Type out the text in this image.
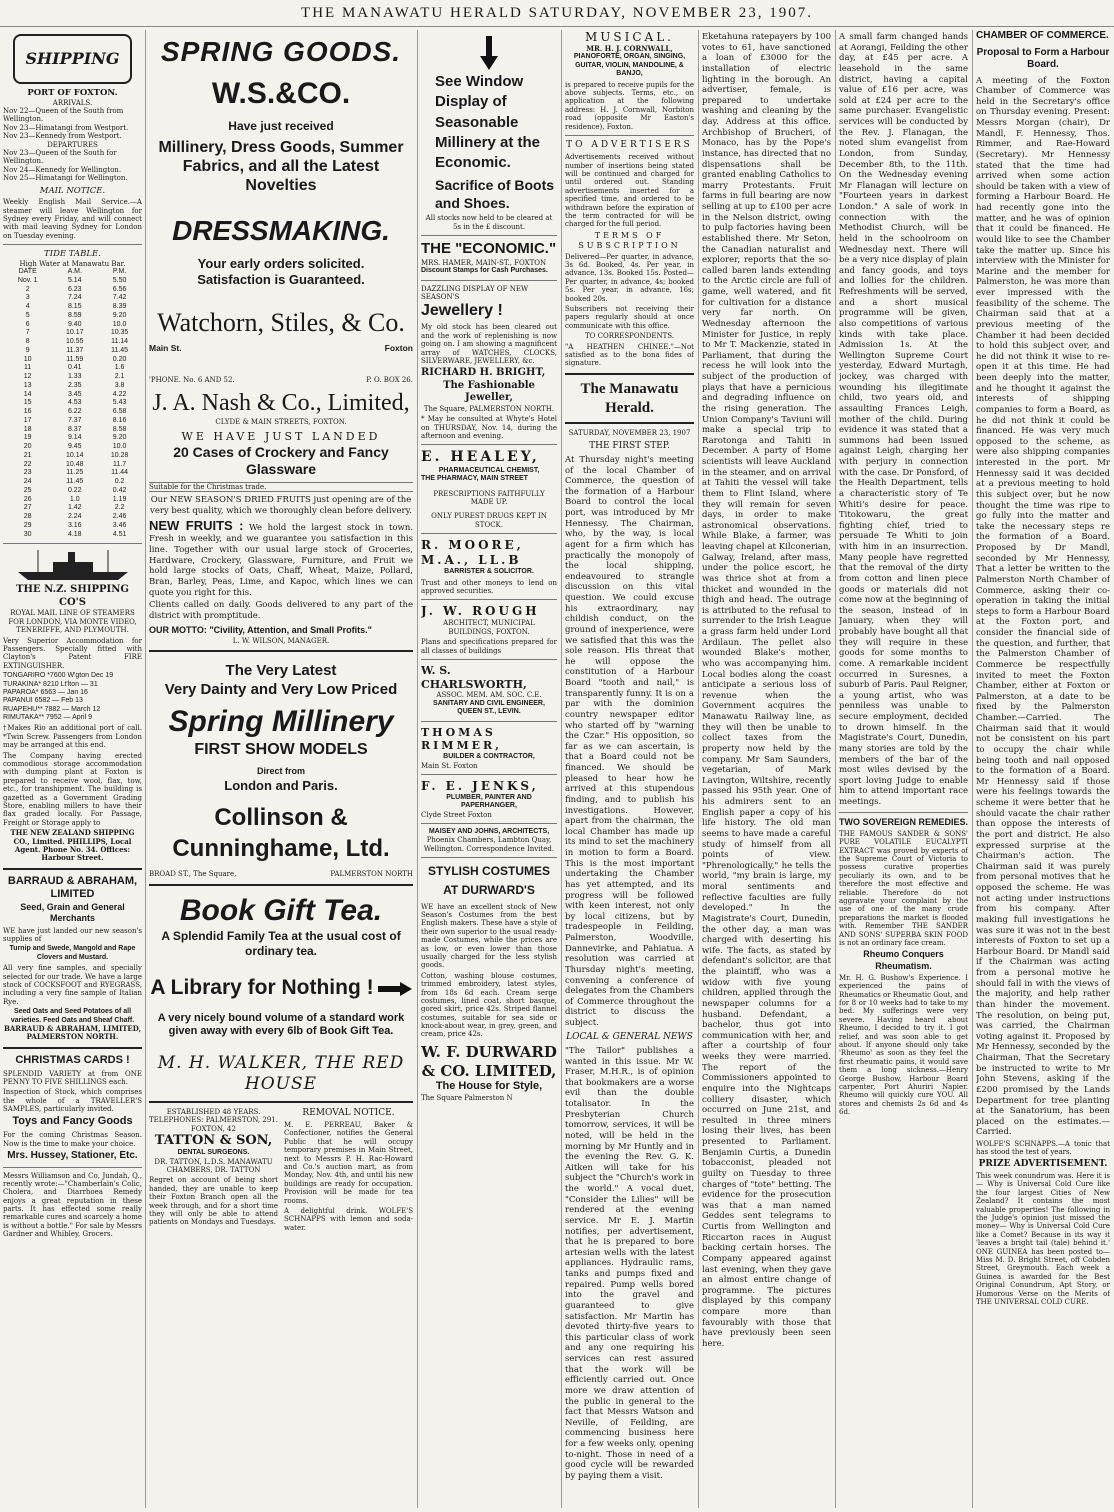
THE MANAWATU HERALD SATURDAY, NOVEMBER 23, 1907.
SHIPPING
PORT OF FOXTON.
ARRIVALS.
Nov 22—Queen of the South from Wellington.
Nov 23—Himatangi from Westport.
Nov 23—Kennedy from Westport.
DEPARTURES
Nov 23—Queen of the South for Wellington.
Nov 24—Kennedy for Wellington.
Nov 25—Himatangi for Wellington.
MAIL NOTICE.

Weekly English Mail Service.—A steamer will leave Wellington for Sydney every Friday, and will connect with mail leaving Sydney for London on Tuesday evening.

TIDE TABLE.
High Water at Manawatu Bar.
DATE	A.M.	P.M.
Nov. 1	5.14	5.50
2	6.23	6.56
3	7.24	7.42
4	8.15	8.39
5	8.59	9.20
6	9.40	10.0
7	10.17	10.35
8	10.55	11.14
9	11.37	11.45
10	11.59	0.20
11	0.41	1.6
12	1.33	2.1
13	2.35	3.8
14	3.45	4.22
15	4.53	5.43
16	6.22	6.58
17	7.37	8.16
18	8.37	8.58
19	9.14	9.20
20	9.45	10.0
21	10.14	10.28
22	10.48	11.7
23	11.25	11.44
24	11.45	0.2
25	0.22	0.42
26	1.0	1.19
27	1.42	2.2
28	2.24	2.46
29	3.16	3.46
30	4.18	4.51
THE N.Z. SHIPPING CO'S
ROYAL MAIL LINE OF STEAMERS FOR LONDON, VIA MONTE VIDEO, TENERIFFE, AND PLYMOUTH.

Very Superior Accommodation for Passengers. Specially fitted with Clayton's Patent FIRE EXTINGUISHER.

TONGARIRO *7600 W'gton Dec 19
TURAKINA* 8210 Lt'lton — 31
PAPAROA* 6563 — Jan 16
PAPANUI 6582 — Feb 13
RUAPEHU** 7882 — March 12
RIMUTAKA** 7952 — April 9

†Makes Rio an additional port of call. *Twin Screw. Passengers from London may be arranged at this end.

The Company having erected commodious storage accommodation with dumping plant at Foxton is prepared to receive wool, flax, tow, etc., for transhipment. The building is gazetted as a Government Grading Store, enabling millers to have their flax graded locally. For Passage, Freight or Storage apply to

THE NEW ZEALAND SHIPPING CO., Limited. PHILLIPS, Local Agent. Phone No. 34. Offices: Harbour Street.
BARRAUD & ABRAHAM, LIMITED
Seed, Grain and General Merchants

WE have just landed our new season's supplies of

Turnip and Swede, Mangold and Rape Clovers and Mustard.

All very fine samples, and specially selected for our trade. We have a large stock of COCKSFOOT and RYEGRASS, including a very fine sample of Italian Rye.

Seed Oats and Seed Potatoes of all varieties. Feed Oats and Sheaf Chaff.
BARRAUD & ABRAHAM, LIMITED, PALMERSTON NORTH.
CHRISTMAS CARDS !

SPLENDID VARIETY at from ONE PENNY TO FIVE SHILLINGS each.

Inspection of Stock, which comprises the whole of a TRAVELLER'S SAMPLES, particularly invited.

Toys and Fancy Goods

For the coming Christmas Season. Now is the time to make your choice.

Mrs. Hussey, Stationer, Etc.

Messrs Williamson and Co, Jundah, Q., recently wrote:—"Chamberlain's Colic, Cholera, and Diarrhoea Remedy enjoys a great reputation in these parts. It has effected some really remarkable cures and scarcely a home is without a bottle." For sale by Messrs Gardner and Whibley, Grocers.

SPRING GOODS.
W.S.&CO.
Have just received
Millinery, Dress Goods, Summer Fabrics, and all the Latest Novelties
DRESSMAKING.
Your early orders solicited.
Satisfaction is Guaranteed.
Watchorn, Stiles, & Co.
Main St.	Foxton
'PHONE. No. 6 AND 52.	P. O. BOX 26.
J. A. Nash & Co., Limited,
CLYDE & MAIN STREETS, FOXTON.
WE HAVE JUST LANDED
20 Cases of Crockery and Fancy Glassware
Suitable for the Christmas trade.

Our NEW SEASON'S DRIED FRUITS just opening are of the very best quality, which we thoroughly clean before delivery.

NEW FRUITS : We hold the largest stock in town. Fresh in weekly, and we guarantee you satisfaction in this line. Together with our usual large stock of Groceries, Hardware, Crockery, Glassware, Furniture, and Fruit we hold large stocks of Oats, Chaff, Wheat, Maize, Pollard, Bran, Barley, Peas, Lime, and Kapoc, which lines we can quote you right for this.

Clients called on daily. Goods delivered to any part of the district with promptitude.

OUR MOTTO: "Civility, Attention, and Small Profits."
L. W. WILSON, MANAGER.
The Very Latest
Very Dainty and Very Low Priced
Spring Millinery
FIRST SHOW MODELS
Direct from
London and Paris.
Collinson & Cunninghame, Ltd.
BROAD ST., The Square,	PALMERSTON NORTH
Book Gift Tea.
A Splendid Family Tea at the usual cost of ordinary tea.
A Library for Nothing !
A very nicely bound volume of a standard work given away with every 6lb of Book Gift Tea.
M. H. WALKER, THE RED HOUSE
ESTABLISHED 48 YEARS.
TELEPHONES: PALMERSTON, 291. FOXTON, 42
TATTON & SON,
DENTAL SURGEONS.
DR. TATTON, L.D.S. MANAWATU CHAMBERS, DR. TATTON

Regret on account of being short handed, they are unable to keep their Foxton Branch open all the week through, and for a short time they will only be able to attend patients on Mondays and Tuesdays.

REMOVAL NOTICE.

M. E. PERREAU, Baker & Confectioner, notifies the General Public that he will occupy temporary premises in Main Street, next to Messrs P. H. Rac-Howard and Co.'s auction mart, as from Monday, Nov. 4th, and until his new buildings are ready for occupation. Provision will be made for tea rooms.

A delightful drink. WOLFE'S SCHNAPPS with lemon and soda-water.

See Window Display of Seasonable Millinery at the Economic.
Sacrifice of Boots and Shoes.

All stocks now held to be cleared at 5s in the £ discount.

THE "ECONOMIC."
MRS. HAMER, MAIN-ST., FOXTON
Discount Stamps for Cash Purchases.
DAZZLING DISPLAY OF NEW SEASON'S
Jewellery !

My old stock has been cleared out and the work of replenishing is now going on. I am showing a magnificent array of WATCHES, CLOCKS, SILVERWARE, JEWELLERY, &c.

RICHARD H. BRIGHT,
The Fashionable Jeweller,
The Square, PALMERSTON NORTH.

* May be consulted at Whyte's Hotel on THURSDAY, Nov. 14, during the afternoon and evening.

E. HEALEY,
PHARMACEUTICAL CHEMIST,
THE PHARMACY, MAIN STREET
PRESCRIPTIONS FAITHFULLY MADE UP.
ONLY PUREST DRUGS KEPT IN STOCK.
R. MOORE, M.A., LL.B
BARRISTER & SOLICITOR.

Trust and other moneys to lend on approved securities.

J. W. ROUGH
ARCHITECT, MUNICIPAL BUILDINGS, FOXTON.

Plans and specifications prepared for all classes of buildings

W. S. CHARLSWORTH,
ASSOC. MEM. AM. SOC. C.E.
SANITARY AND CIVIL ENGINEER, QUEEN ST., LEVIN.
THOMAS RIMMER,
BUILDER & CONTRACTOR,
Main St. Foxton
F. E. JENKS,
PLUMBER, PAINTER AND PAPERHANGER,
Clyde Street Foxton
MAISEY AND JOHNS, ARCHITECTS,
Phoenix Chambers, Lambton Quay, Wellington. Correspondence Invited.
STYLISH COSTUMES AT DURWARD'S

WE have an excellent stock of New Season's Costumes from the best English makers. These have a style of their own superior to the usual ready-made Costumes, while the prices are as low, or even lower than those usually charged for the less stylish goods.

Cotton, washing blouse costumes, trimmed embroidery, latest styles, from 18s 6d each. Cream serge costumes, lined coat, short basque, gored skirt, price 42s. Striped flannel costumes, suitable for sea side or knock-about wear, in grey, green, and cream, price 42s.

W. F. DURWARD & CO. LIMITED,
The House for Style,
The Square Palmerston N
MUSICAL.
MR. H. J. CORNWALL,
PIANOFORTE, ORGAN, SINGING, GUITAR, VIOLIN, MANDOLINE, & BANJO,

is prepared to receive pupils for the above subjects. Terms, etc., on application at the following address: H. J. Cornwall, Norbiton road (opposite Mr Easton's residence), Foxton.

TO ADVERTISERS

Advertisements received without number of insertions being stated will be continued and charged for until ordered out. Standing advertisements inserted for a specified time, and ordered to be withdrawn before the expiration of the term contracted for will be charged for the full period.

TERMS OF SUBSCRIPTION

Delivered—Per quarter, in advance, 3s 6d. Booked, 4s. Per year, in advance, 13s. Booked 15s. Posted—Per quarter, in advance, 4s; booked 5s. Per year, in advance, 16s; booked 20s.

Subscribers not receiving their papers regularly should at once communicate with this office.

TO CORRESPONDENTS.

"A HEATHEN CHINEE."—Not satisfied as to the bona fides of signature.

The Manawatu Herald.
SATURDAY, NOVEMBER 23, 1907
THE FIRST STEP.

At Thursday night's meeting of the local Chamber of Commerce, the question of the formation of a Harbour Board to control the local port, was introduced by Mr Hennessy. The Chairman, who, by the way, is local agent for a firm which has practically the monopoly of the local shipping, endeavoured to strangle discussion on this vital question. We could excuse his extraordinary, nay childish conduct, on the ground of inexperience, were we satisfied that this was the sole reason. His threat that he will oppose the constitution of a Harbour Board "tooth and nail," is transparently funny. It is on a par with the dominion country newspaper editor who started off by "warning the Czar." His opposition, so far as we can ascertain, is that a Board could not be financed. We should be pleased to hear how he arrived at this stupendous finding, and to publish his investigations. However, apart from the chairman, the local Chamber has made up its mind to set the machinery in motion to form a Board. This is the most important undertaking the Chamber has yet attempted, and its progress will be followed with keen interest, not only by local citizens, but by tradespeople in Feilding, Palmerston, Woodville, Dannevirke, and Pahiatua. A resolution was carried at Thursday night's meeting, convening a conference of delegates from the Chambers of Commerce throughout the district to discuss the subject.

LOCAL & GENERAL NEWS

"The Tailor" publishes a wanted in this issue. Mr W. Fraser, M.H.R., is of opinion that bookmakers are a worse evil than the double totalisator. In the Presbyterian Church tomorrow, services, it will be noted, will be held in the morning by Mr Huntly and in the evening the Rev. G. K. Aitken will take for his subject the "Church's work in the world." A vocal duet, "Consider the Lilies" will be rendered at the evening service. Mr E. J. Martin notifies, per advertisement, that he is prepared to bore artesian wells with the latest appliances. Hydraulic rams, tanks and pumps fixed and repaired. Pump wells bored into the gravel and guaranteed to give satisfaction. Mr Martin has devoted thirty-five years to this particular class of work and any one requiring his services can rest assured that the work will be efficiently carried out. Once more we draw attention of the public in general to the fact that Messrs Watson and Neville, of Feilding, are commencing business here for a few weeks only, opening to-night. Those in need of a good cycle will be rewarded by paying them a visit.

Eketahuna ratepayers by 100 votes to 61, have sanctioned a loan of £3000 for the installation of electric lighting in the borough. An advertiser, female, is prepared to undertake washing and cleaning by the day. Address at this office. Archbishop of Brucheri, of Monaco, has by the Pope's instance, has directed that no dispensations shall be granted enabling Catholics to marry Protestants. Fruit farms in full bearing are now selling at up to £100 per acre in the Nelson district, owing to pulp factories having been established there. Mr Seton, the Canadian naturalist and explorer, reports that the so-called baren lands extending to the Arctic circle are full of game, well watered, and fit for cultivation for a distance very far north. On Wednesday afternoon the Minister for Justice, in reply to Mr T. Mackenzie, stated in Parliament, that during the recess he will look into the subject of the production of plays that have a pernicious and degrading influence on the rising generation. The Union Company's Taviuni will make a special trip to Rarotonga and Tahiti in December. A party of Home scientists will leave Auckland in the steamer, and on arrival at Tahiti the vessel will take them to Flint Island, where they will remain for seven days, in order to make astronomical observations. While Blake, a farmer, was leaving chapel at Kilconerian, Galway, Ireland, after mass, under the police escort, he was thrice shot at from a thicket and wounded in the thigh and head. The outrage is attributed to the refusal to surrender to the Irish League a grass farm held under Lord Ardilaun. The pellet also wounded Blake's mother, who was accompanying him. Local bodies along the coast anticipate a serious loss of revenue when the Government acquires the Manawatu Railway line, as they will then be unable to collect taxes from the property now held by the company. Mr Sam Saunders, vegetarian, of Mark Lavington, Wiltshire, recently passed his 95th year. One of his admirers sent to an English paper a copy of his life history. The old man seems to have made a careful study of himself from all points of view. "Phrenologically," he tells the world, "my brain is large, my moral sentiments and reflective faculties are fully developed." In the Magistrate's Court, Dunedin, the other day, a man was charged with deserting his wife. The facts, as stated by defendant's solicitor, are that the plaintiff, who was a widow with five young children, applied through the newspaper columns for a husband. Defendant, a bachelor, thus got into communication with her, and after a courtship of four weeks they were married. The report of the Commissioners appointed to enquire into the Nightcaps colliery disaster, which occurred on June 21st, and resulted in three miners losing their lives, has been presented to Parliament. Benjamin Curtis, a Dunedin tobacconist, pleaded not guilty on Tuesday to three charges of "tote" betting. The evidence for the prosecution was that a man named Geddes sent telegrams to Curtis from Wellington and Riccarton races in August backing certain horses. The Company appeared against last evening, when they gave an almost entire change of programme. The pictures displayed by this company compare more than favourably with those that have previously been seen here.

A small farm changed hands at Aorangi, Feilding the other day, at £45 per acre. A leasehold in the same district, having a capital value of £16 per acre, was sold at £24 per acre to the same purchaser. Evangelistic services will be conducted by the Rev. J. Flanagan, the noted slum evangelist from London, from Sunday, December 8th, to the 11th. On the Wednesday evening Mr Flanagan will lecture on "Fourteen years in darkest London." A sale of work in connection with the Methodist Church, will be held in the schoolroom on Wednesday next. There will be a very nice display of plain and fancy goods, and toys and lollies for the children. Refreshments will be served, and a short musical programme will be given, also competitions of various kinds with take place. Admission 1s. At the Wellington Supreme Court yesterday, Edward Murtagh, jockey, was charged with wounding his illegitimate child, two years old, and assaulting Frances Leigh, mother of the child. During evidence it was stated that a summons had been issued against Leigh, charging her with perjury in connection with the case. Dr Ponsford, of the Health Department, tells a characteristic story of Te Whiti's desire for peace. Titokowaru, the great fighting chief, tried to persuade Te Whiti to join with him in an insurrection. Many people have regretted that the removal of the dirty from cotton and linen piece goods or materials did not come now at the beginning of the season, instead of in January, when they will probably have bought all that they will require in these goods for some months to come. A remarkable incident occurred in Suresnes, a suburb of Paris. Paul Reigner, a young artist, who was penniless was unable to secure employment, decided to drown himself. In the Magistrate's Court, Dunedin, many stories are told by the members of the bar of the most wiles devised by the sport loving Judge to enable him to attend important race meetings.

TWO SOVEREIGN REMEDIES.

THE FAMOUS SANDER & SONS' PURE VOLATILE EUCALYPTI EXTRACT was proved by experts of the Supreme Court of Victoria to possess curative properties peculiarly its own, and to be therefore the most effective and reliable. Therefore do not aggravate your complaint by the use of one of the many crude preparations the market is flooded with. Remember THE SANDER AND SONS' SUPERBA SKIN FOOD is not an ordinary face cream.

Rheumo Conquers Rheumatism.

Mr. H. G. Bushow's Experience. I experienced the pains of Rheumatics or Rheumatic Gout, and for 8 or 10 weeks had to take to my bed. My sufferings were very severe. Having heard about Rheumo, I decided to try it. I got relief, and was soon able to get about. If anyone should only take 'Rheumo' as soon as they feel the first rheumatic pains, it would save them a long sickness.—Henry George Bushow, Harbour Board carpenter, Port Ahuriri Napier. Rheumo will quickly cure YOU. All stores and chemists 2s 6d and 4s 6d.

CHAMBER OF COMMERCE.
Proposal to Form a Harbour Board.

A meeting of the Foxton Chamber of Commerce was held in the Secretary's office on Thursday evening. Present: Messrs Morgan (chair), Dr Mandl, F. Hennessy, Thos. Rimmer, and Rae-Howard (Secretary). Mr Hennessy stated that the time had arrived when some action should be taken with a view of forming a Harbour Board. He had recently gone into the matter, and he was of opinion that it could be financed. He would like to see the Chamber take the matter up. Since his interview with the Minister for Marine and the member for Palmerston, he was more than ever impressed with the feasibility of the scheme. The Chairman said that at a previous meeting of the Chamber it had been decided to hold this subject over, and he did not think it wise to re-open it at this time. He had been deeply into the matter, and he thought it against the interests of shipping companies to form a Board, as he did not think it could be financed. He was very much opposed to the scheme, as were also shipping companies interested in the port. Mr Hennessy said it was decided at a previous meeting to hold this subject over, but he now thought the time was ripe to go fully into the matter and take the necessary steps re the formation of a Board. Proposed by Dr Mandl, seconded by Mr Hennessy, That a letter be written to the Palmerston North Chamber of Commerce, asking their co-operation in taking the initial steps to form a Harbour Board at the Foxton port, and consider the financial side of the question, and further, that the Palmerston Chamber of Commerce be respectfully invited to meet the Foxton Chamber, either at Foxton or Palmerston, at a date to be fixed by the Palmerston Chamber.—Carried. The Chairman said that it would not be consistent on his part to occupy the chair while being tooth and nail opposed to the formation of a Board. Mr Hennessy said if those were his feelings towards the scheme it were better that he should vacate the chair rather than oppose the interests of the port and district. He also expressed surprise at the Chairman's action. The Chairman said it was purely from personal motives that he opposed the scheme. He was not acting under instructions from his company. After making full investigations he was sure it was not in the best interests of Foxton to set up a Harbour Board. Dr Mandl said if the Chairman was acting from a personal motive he should fall in with the views of the majority, and help rather than hinder the movement. The resolution, on being put, was carried, the Chairman voting against it. Proposed by Mr Hennessy, seconded by the Chairman, That the Secretary be instructed to write to Mr John Stevens, asking if the £200 promised by the Lands Department for tree planting at the Sanatorium, has been placed on the estimates.—Carried.

WOLFE'S SCHNAPPS.—A tonic that has stood the test of years.

PRIZE ADVERTISEMENT.

This week conundrum was. Here it is— Why is Universal Cold Cure like the four largest Cities of New Zealand? It contains the most valuable properties! The following in the Judge's opinion just missed the money— Why is Universal Cold Cure like a Comet? Because in its way it 'leaves a bright tail (tale) behind it.' ONE GUINEA has been posted to— Miss M. D. Bright Street, off Cobden Street, Greymouth. Each week a Guinea is awarded for the Best Original Conundrum, Apt Story, or Humorous Verse on the Merits of THE UNIVERSAL COLD CURE.
